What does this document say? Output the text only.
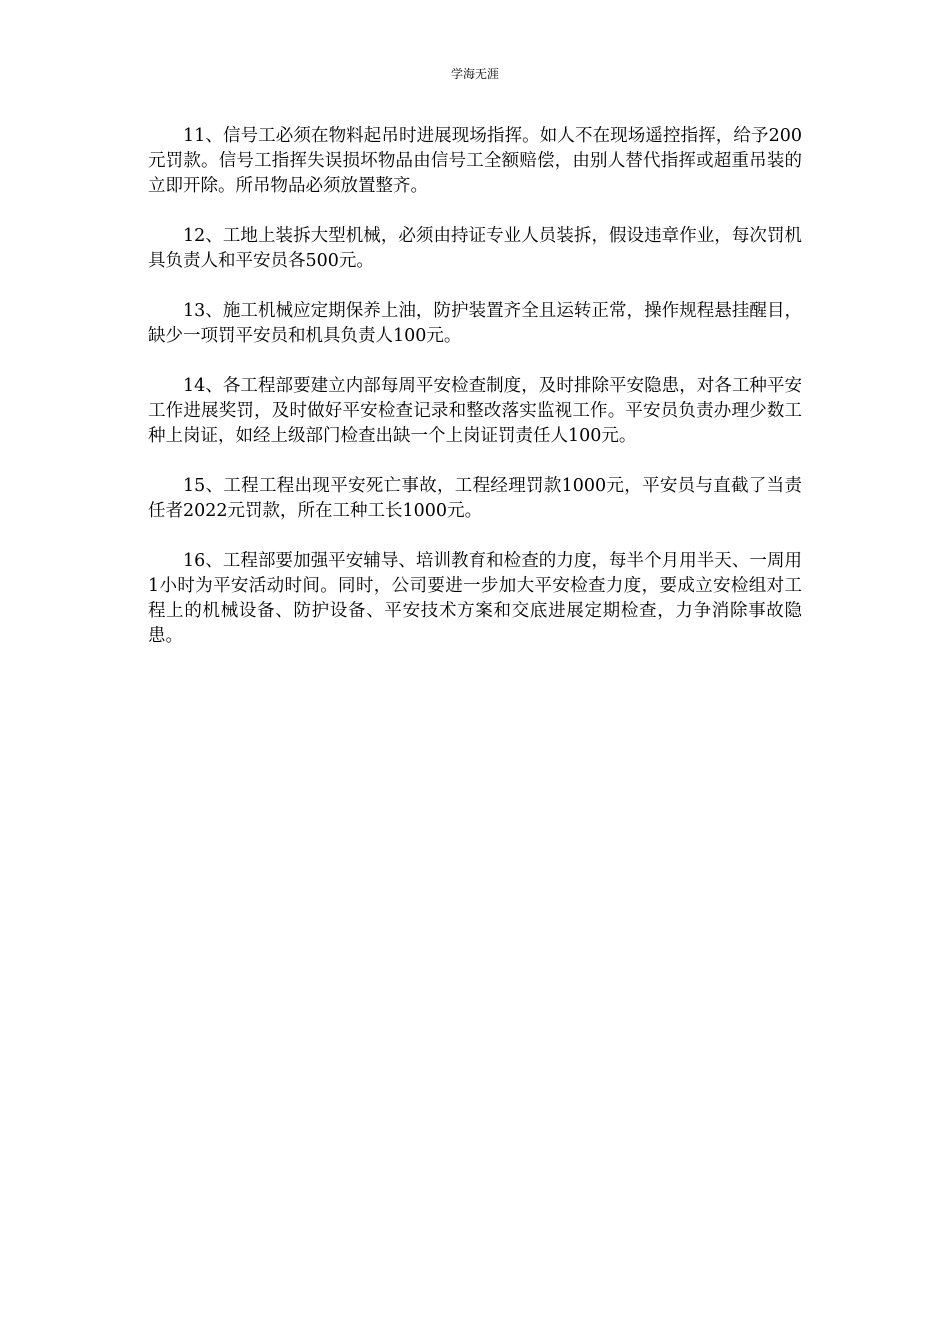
学海无涯

11、信号工必须在物料起吊时进展现场指挥。如人不在现场遥控指挥，给予200元罚款。信号工指挥失误损坏物品由信号工全额赔偿，由别人替代指挥或超重吊装的立即开除。所吊物品必须放置整齐。

12、工地上装拆大型机械，必须由持证专业人员装拆，假设违章作业，每次罚机具负责人和平安员各500元。

13、施工机械应定期保养上油，防护装置齐全且运转正常，操作规程悬挂醒目，缺少一项罚平安员和机具负责人100元。

14、各工程部要建立内部每周平安检查制度，及时排除平安隐患，对各工种平安工作进展奖罚，及时做好平安检查记录和整改落实监视工作。平安员负责办理少数工种上岗证，如经上级部门检查出缺一个上岗证罚责任人100元。

15、工程工程出现平安死亡事故，工程经理罚款1000元，平安员与直截了当责任者2022元罚款，所在工种工长1000元。

16、工程部要加强平安辅导、培训教育和检查的力度，每半个月用半天、一周用1小时为平安活动时间。同时，公司要进一步加大平安检查力度，要成立安检组对工程上的机械设备、防护设备、平安技术方案和交底进展定期检查，力争消除事故隐患。
